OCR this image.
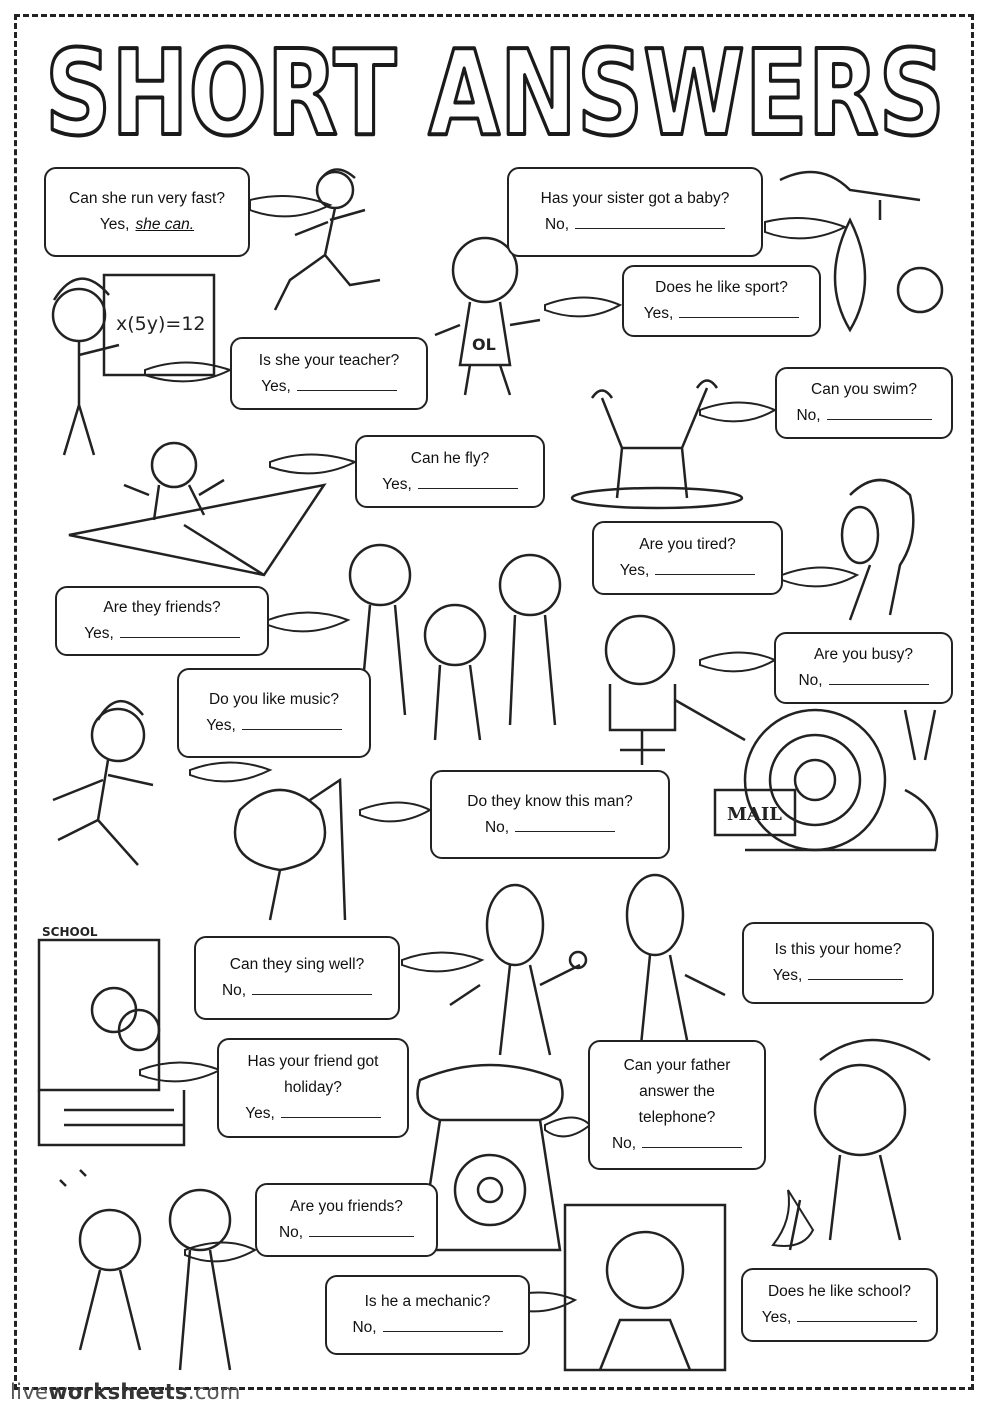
SHORT ANSWERS
x(5y)=12
OL
MAIL
SCHOOL
Can she run very fast?
Yes, she can.
Has your sister got a baby?
No,
Does he like sport?
Yes,
Is she your teacher?
Yes,	Can you swim?
No,
Can he fly?
Yes,
Are you tired?
Yes,
Are they friends?
Yes,
Are you busy?
No,
Do you like music?
Yes,
Do they know this man?
No,
Is this your home?
Yes,
Can they sing well?
No,
Has your friend got holiday?
Yes,
Can your father answer the telephone?
No,
Are you friends?
No,
Does he like school?
Yes,
Is he a mechanic?
No,
liveworksheets.com
